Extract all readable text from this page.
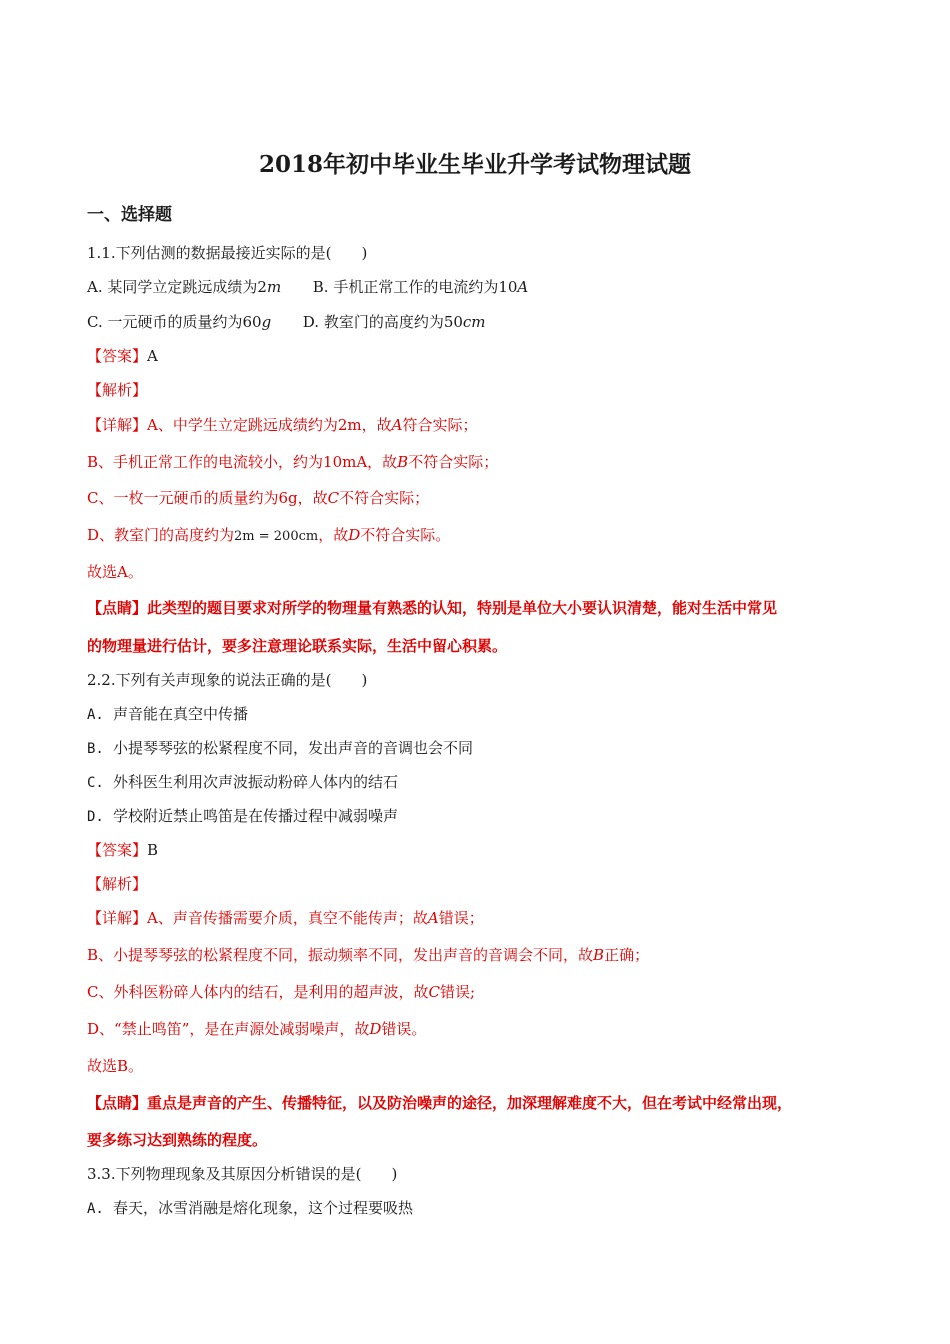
2018年初中毕业生毕业升学考试物理试题
一、选择题
1.1.下列估测的数据最接近实际的是(　　)
A. 某同学立定跳远成绩为2m B. 手机正常工作的电流约为10A
C. 一元硬币的质量约为60g D. 教室门的高度约为50cm
【答案】A
【解析】
【详解】A、中学生立定跳远成绩约为2m，故A符合实际；
B、手机正常工作的电流较小，约为10mA，故B不符合实际；
C、一枚一元硬币的质量约为6g，故C不符合实际；
D、教室门的高度约为2m = 200cm，故D不符合实际。
故选A。
【点睛】此类型的题目要求对所学的物理量有熟悉的认知，特别是单位大小要认识清楚，能对生活中常见
的物理量进行估计，要多注意理论联系实际，生活中留心积累。
2.2.下列有关声现象的说法正确的是(　　)
A. 声音能在真空中传播
B. 小提琴琴弦的松紧程度不同，发出声音的音调也会不同
C. 外科医生利用次声波振动粉碎人体内的结石
D. 学校附近禁止鸣笛是在传播过程中减弱噪声
【答案】B
【解析】
【详解】A、声音传播需要介质，真空不能传声；故A错误；
B、小提琴琴弦的松紧程度不同，振动频率不同，发出声音的音调会不同，故B正确；
C、外科医粉碎人体内的结石，是利用的超声波，故C错误;
D、“禁止鸣笛”，是在声源处减弱噪声，故D错误。
故选B。
【点睛】重点是声音的产生、传播特征，以及防治噪声的途径，加深理解难度不大，但在考试中经常出现，
要多练习达到熟练的程度。
3.3.下列物理现象及其原因分析错误的是(　　)
A. 春天，冰雪消融是熔化现象，这个过程要吸热
